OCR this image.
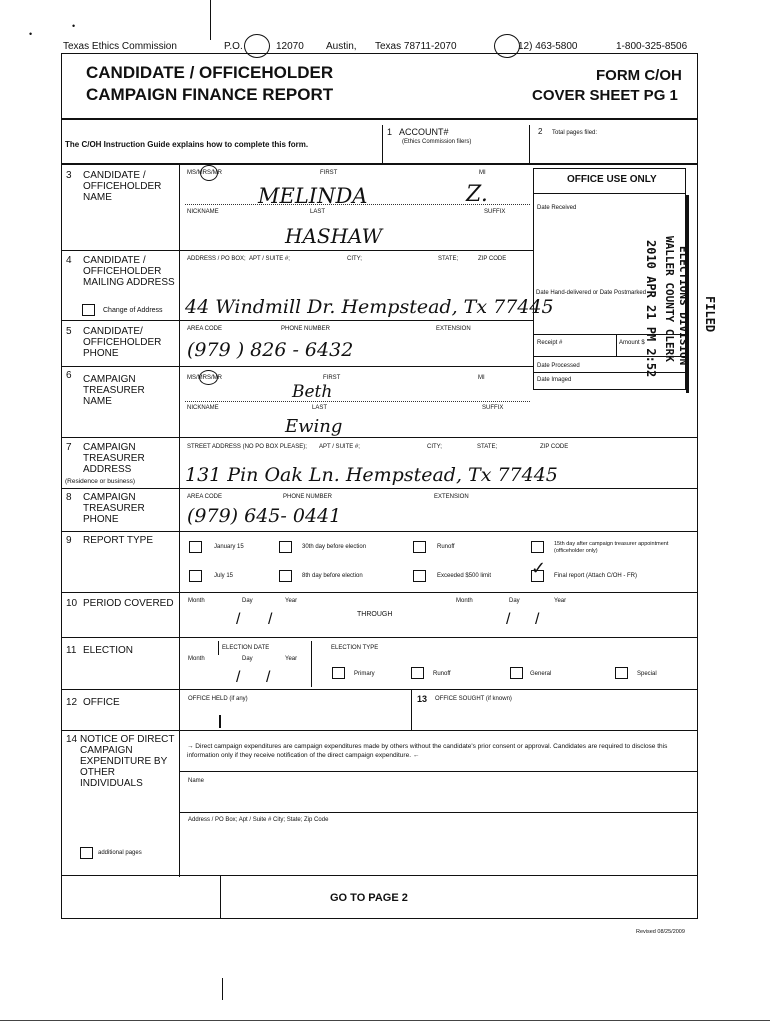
•
•
Texas Ethics Commission	P.O.	12070 Austin, Texas 78711-2070	12) 463-5800	1-800-325-8506
CANDIDATE / OFFICEHOLDER
CAMPAIGN FINANCE REPORT
FORM C/OH
COVER SHEET PG 1
The C/OH Instruction Guide explains how to complete this form.
1 ACCOUNT#
(Ethics Commission filers)
2 Total pages filed:
OFFICE USE ONLY
Date Received
Date Hand-delivered or Date Postmarked
Receipt #	Amount $
Date Processed
Date Imaged
2010 APR 21 PM 2:52 WALLER COUNTY CLERK ELECTIONS DIVISION FILED
3 CANDIDATE / OFFICEHOLDER NAME
MS/MRS/MR	FIRST	MI
MELINDA	Z.
NICKNAME	LAST	SUFFIX
HASHAW
4 CANDIDATE / OFFICEHOLDER MAILING ADDRESS
Change of Address
ADDRESS / PO BOX; APT / SUITE #;	CITY;	STATE;	ZIP CODE
44 Windmill Dr. Hempstead, Tx 77445
5 CANDIDATE/ OFFICEHOLDER PHONE
AREA CODE	PHONE NUMBER	EXTENSION
(979 ) 826 - 6432
6 CAMPAIGN TREASURER NAME
MS/MRS/MR	FIRST	MI
Beth
NICKNAME	LAST	SUFFIX
Ewing
7 CAMPAIGN TREASURER ADDRESS
(Residence or business)
STREET ADDRESS (NO PO BOX PLEASE); APT / SUITE #;	CITY;	STATE;	ZIP CODE
131 Pin Oak Ln. Hempstead, Tx 77445
8 CAMPAIGN TREASURER PHONE
AREA CODE	PHONE NUMBER	EXTENSION
(979) 645- 0441
9 REPORT TYPE
January 15	30th day before election	Runoff	15th day after campaign treasurer appointment (officeholder only)
July 15	8th day before election	Exceeded $500 limit ✓ Final report (Attach C/OH - FR)
10 PERIOD COVERED Month	Day	Year
THROUGH
Month	Day	Year
/ /	/ /
11 ELECTION	ELECTION DATE
Month	Day	Year
/ /
ELECTION TYPE
Primary	Runoff	General	Special
12 OFFICE	OFFICE HELD (if any)	13 OFFICE SOUGHT (if known)
14 NOTICE OF DIRECT CAMPAIGN EXPENDITURE BY OTHER INDIVIDUALS
→ Direct campaign expenditures are campaign expenditures made by others without the candidate's prior consent or approval. Candidates are required to disclose this information only if they receive notification of the direct campaign expenditure. ←
Name
Address / PO Box; Apt / Suite # City; State; Zip Code
additional pages
GO TO PAGE 2
Revised 08/25/2009
